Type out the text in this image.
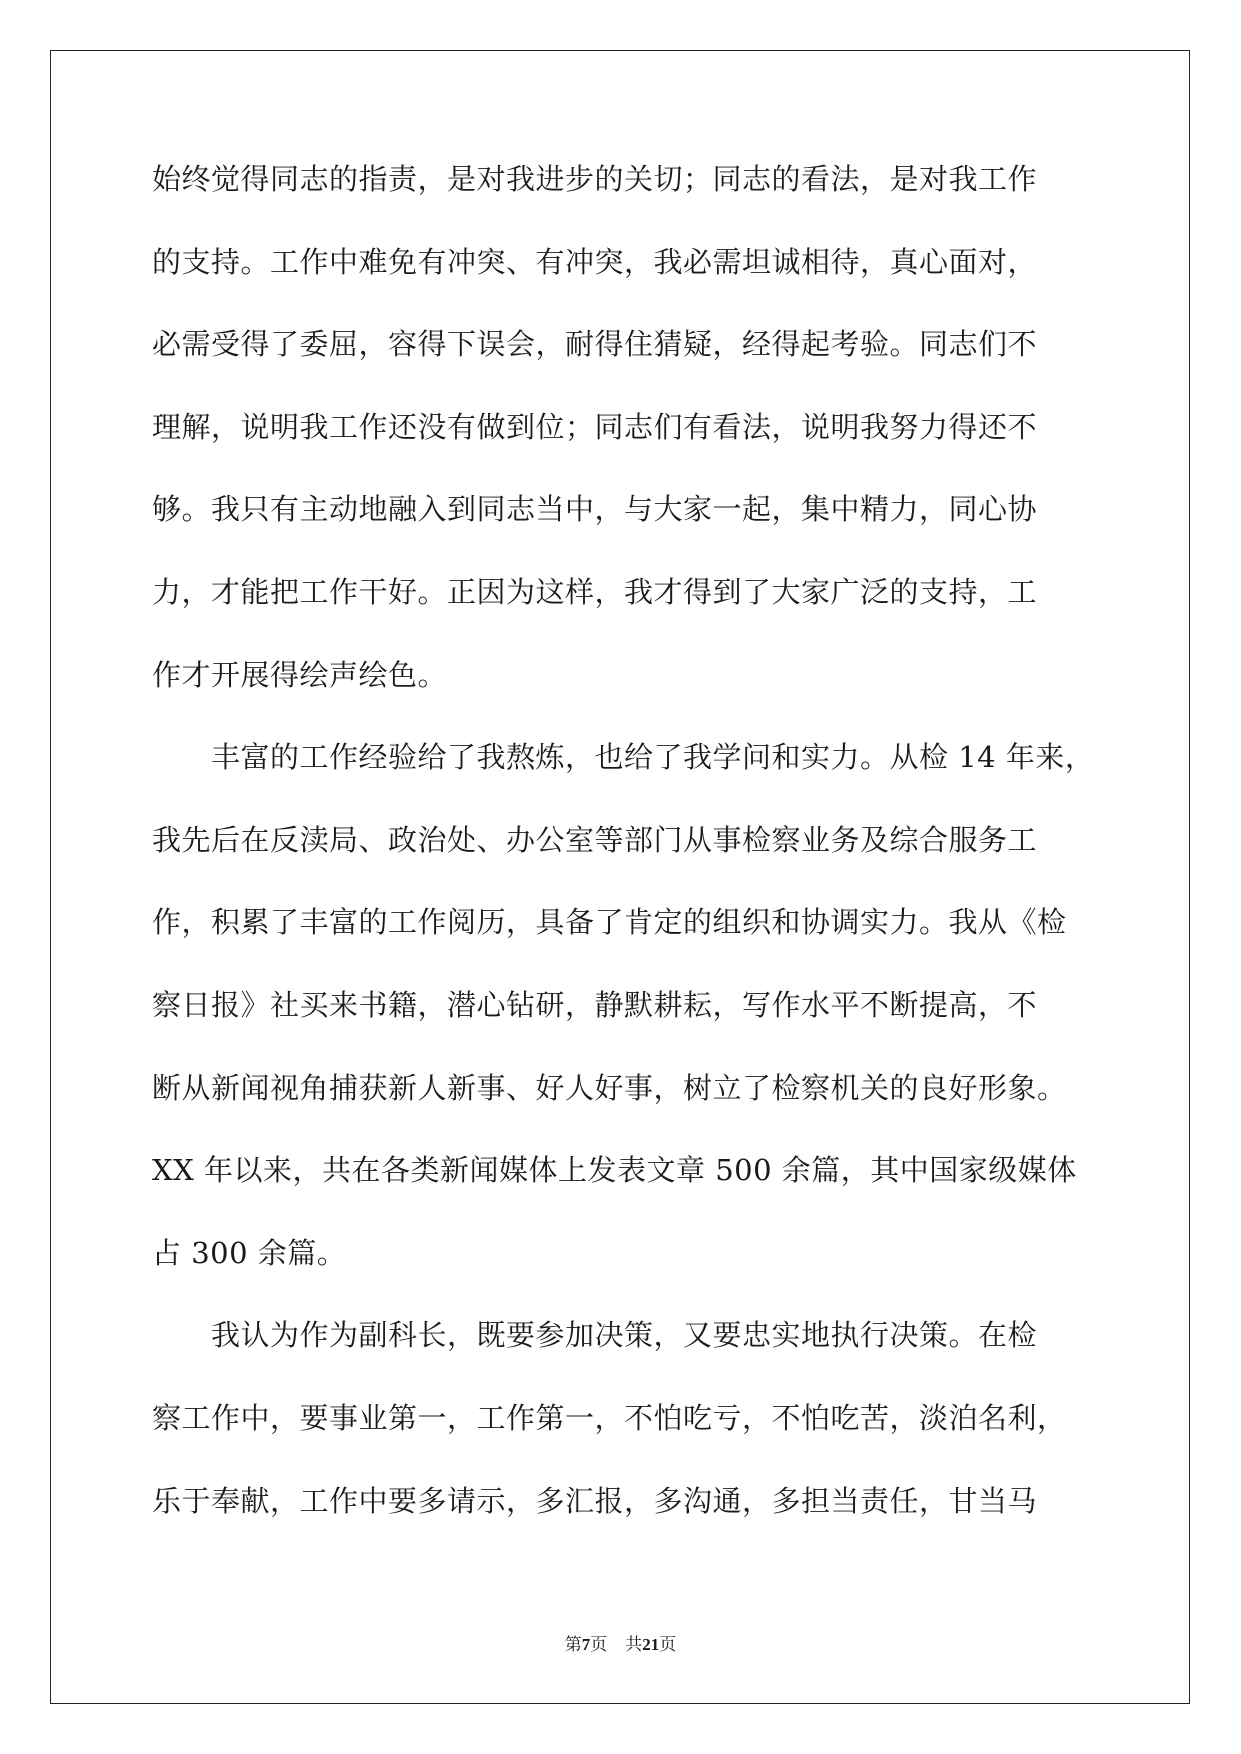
始终觉得同志的指责，是对我进步的关切；同志的看法，是对我工作
的支持。工作中难免有冲突、有冲突，我必需坦诚相待，真心面对，
必需受得了委屈，容得下误会，耐得住猜疑，经得起考验。同志们不
理解，说明我工作还没有做到位；同志们有看法，说明我努力得还不
够。我只有主动地融入到同志当中，与大家一起，集中精力，同心协
力，才能把工作干好。正因为这样，我才得到了大家广泛的支持，工
作才开展得绘声绘色。
　　丰富的工作经验给了我熬炼，也给了我学问和实力。从检 14 年来，
我先后在反渎局、政治处、办公室等部门从事检察业务及综合服务工
作，积累了丰富的工作阅历，具备了肯定的组织和协调实力。我从《检
察日报》社买来书籍，潜心钻研，静默耕耘，写作水平不断提高，不
断从新闻视角捕获新人新事、好人好事，树立了检察机关的良好形象。
XX 年以来，共在各类新闻媒体上发表文章 500 余篇，其中国家级媒体
占 300 余篇。
　　我认为作为副科长，既要参加决策，又要忠实地执行决策。在检
察工作中，要事业第一，工作第一，不怕吃亏，不怕吃苦，淡泊名利，
乐于奉献，工作中要多请示，多汇报，多沟通，多担当责任，甘当马
第7页 共21页
